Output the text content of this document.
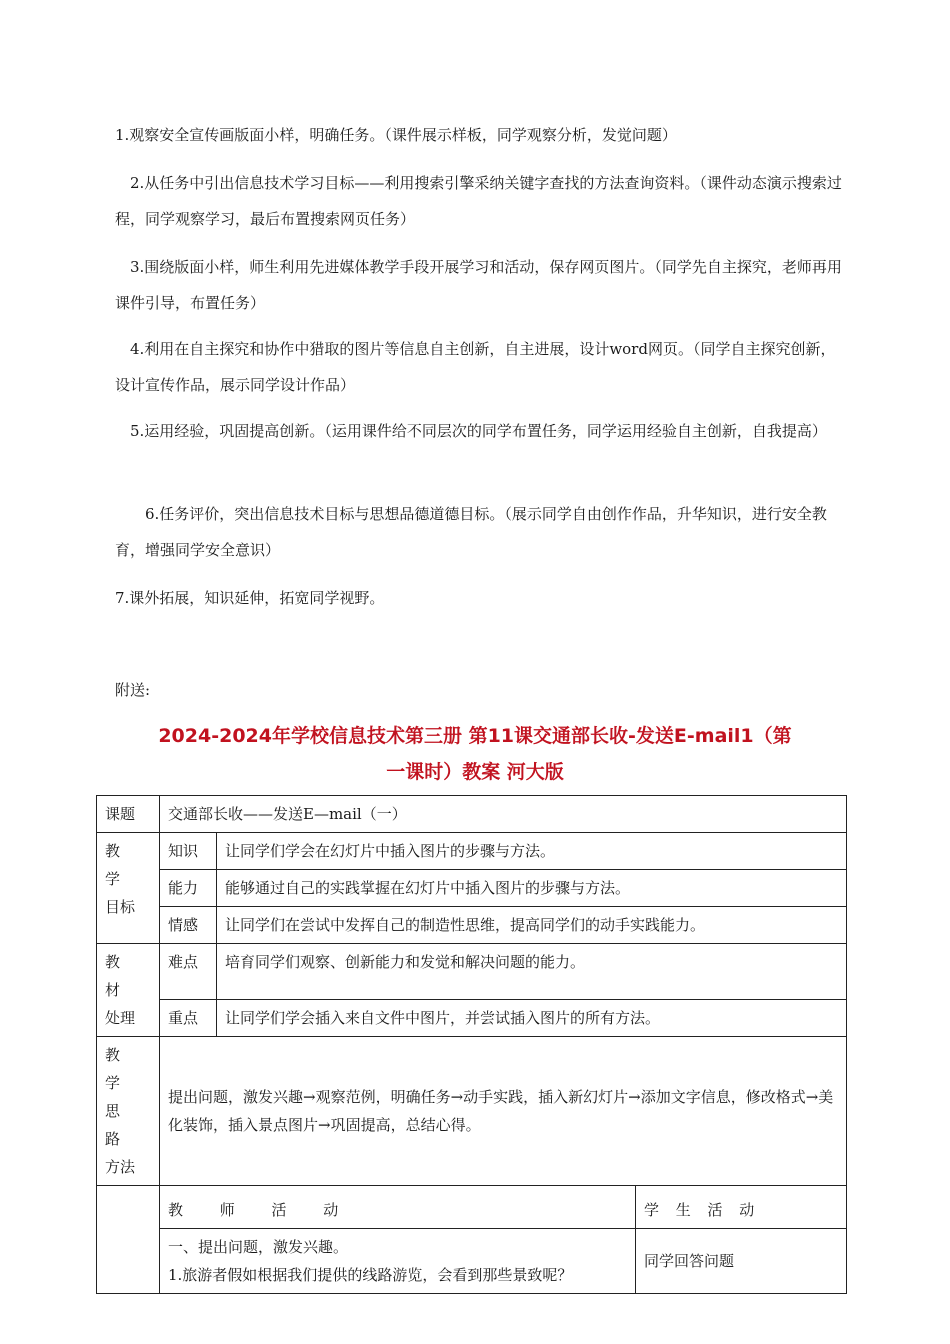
1.观察安全宣传画版面小样，明确任务。（课件展示样板，同学观察分析，发觉问题）

2.从任务中引出信息技术学习目标——利用搜索引擎采纳关键字查找的方法查询资料。（课件动态演示搜索过程，同学观察学习，最后布置搜索网页任务）

3.围绕版面小样，师生利用先进媒体教学手段开展学习和活动，保存网页图片。（同学先自主探究，老师再用课件引导，布置任务）

4.利用在自主探究和协作中猎取的图片等信息自主创新，自主进展，设计word网页。（同学自主探究创新，设计宣传作品，展示同学设计作品）

5.运用经验，巩固提高创新。（运用课件给不同层次的同学布置任务，同学运用经验自主创新，自我提高）

6.任务评价，突出信息技术目标与思想品德道德目标。（展示同学自由创作作品，升华知识，进行安全教育，增强同学安全意识）

7.课外拓展，知识延伸，拓宽同学视野。

附送:

2024-2024年学校信息技术第三册 第11课交通部长收-发送E-mail1（第
一课时）教案 河大版
课题	交通部长收——发送E—mail（一）		

教 学
目标	知识	让同学们学会在幻灯片中插入图片的步骤与方法。	
	能力	能够通过自己的实践掌握在幻灯片中插入图片的步骤与方法。	
	情感	让同学们在尝试中发挥自己的制造性思维，提高同学们的动手实践能力。	

教 材
处理	难点	培育同学们观察、创新能力和发觉和解决问题的能力。	
	重点	让同学们学会插入来自文件中图片，并尝试插入图片的所有方法。	

教 学
思 路
方法	提出问题，激发兴趣→观察范例，明确任务→动手实践，插入新幻灯片→添加文字信息，修改格式→美化装饰，插入景点图片→巩固提高，总结心得。		
	教 师 活 动		学 生 活 动

	一、提出问题，激发兴趣。
1.旅游者假如根据我们提供的线路游览，会看到那些景致呢？		同学回答问题
